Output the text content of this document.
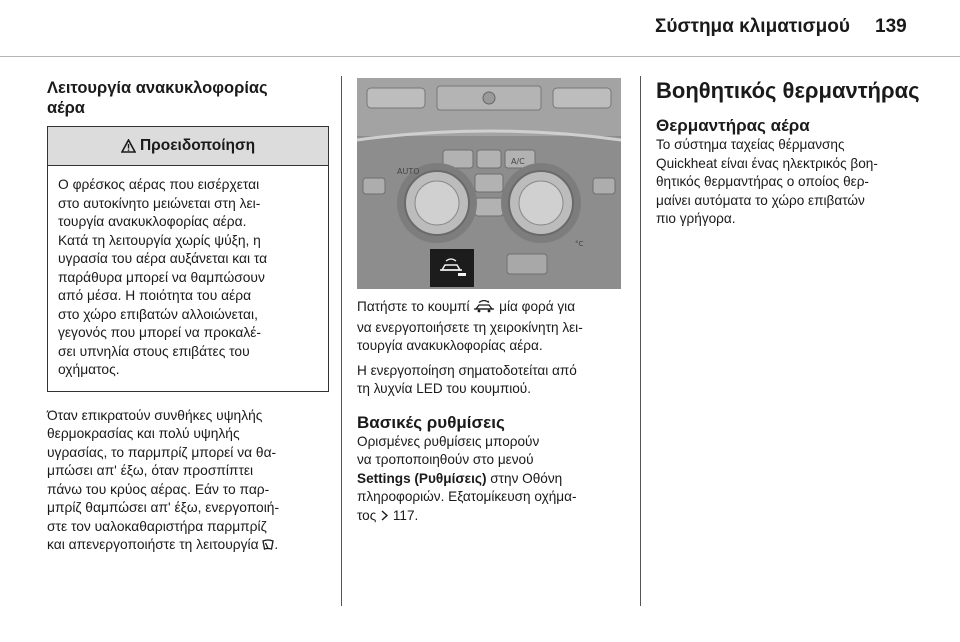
Σύστημα κλιματισμού 139
Λειτουργία ανακυκλοφορίας
αέρα
Προειδοποίηση
Ο φρέσκος αέρας που εισέρχεται
στο αυτοκίνητο μειώνεται στη λει-
τουργία ανακυκλοφορίας αέρα.
Κατά τη λειτουργία χωρίς ψύξη, η
υγρασία του αέρα αυξάνεται και τα
παράθυρα μπορεί να θαμπώσουν
από μέσα. Η ποιότητα του αέρα
στο χώρο επιβατών αλλοιώνεται,
γεγονός που μπορεί να προκαλέ-
σει υπνηλία στους επιβάτες του
οχήματος.
Όταν επικρατούν συνθήκες υψηλής
θερμοκρασίας και πολύ υψηλής
υγρασίας, το παρμπρίζ μπορεί να θα-
μπώσει απ' έξω, όταν προσπίπτει
πάνω του κρύος αέρας. Εάν το παρ-
μπρίζ θαμπώσει απ' έξω, ενεργοποιή-
στε τον υαλοκαθαριστήρα παρμπρίζ
και απενεργοποιήστε τη λειτουργία .
AUTO
A/C
°C
Πατήστε το κουμπί μία φορά για
να ενεργοποιήσετε τη χειροκίνητη λει-
τουργία ανακυκλοφορίας αέρα.
Η ενεργοποίηση σηματοδοτείται από
τη λυχνία LED του κουμπιού.
Βασικές ρυθμίσεις
Ορισμένες ρυθμίσεις μπορούν
να τροποποιηθούν στο μενού
Settings (Ρυθμίσεις) στην Οθόνη
πληροφοριών. Εξατομίκευση οχήμα-
τος 117.
Βοηθητικός θερμαντήρας
Θερμαντήρας αέρα
Το σύστημα ταχείας θέρμανσης
Quickheat είναι ένας ηλεκτρικός βοη-
θητικός θερμαντήρας ο οποίος θερ-
μαίνει αυτόματα το χώρο επιβατών
πιο γρήγορα.
